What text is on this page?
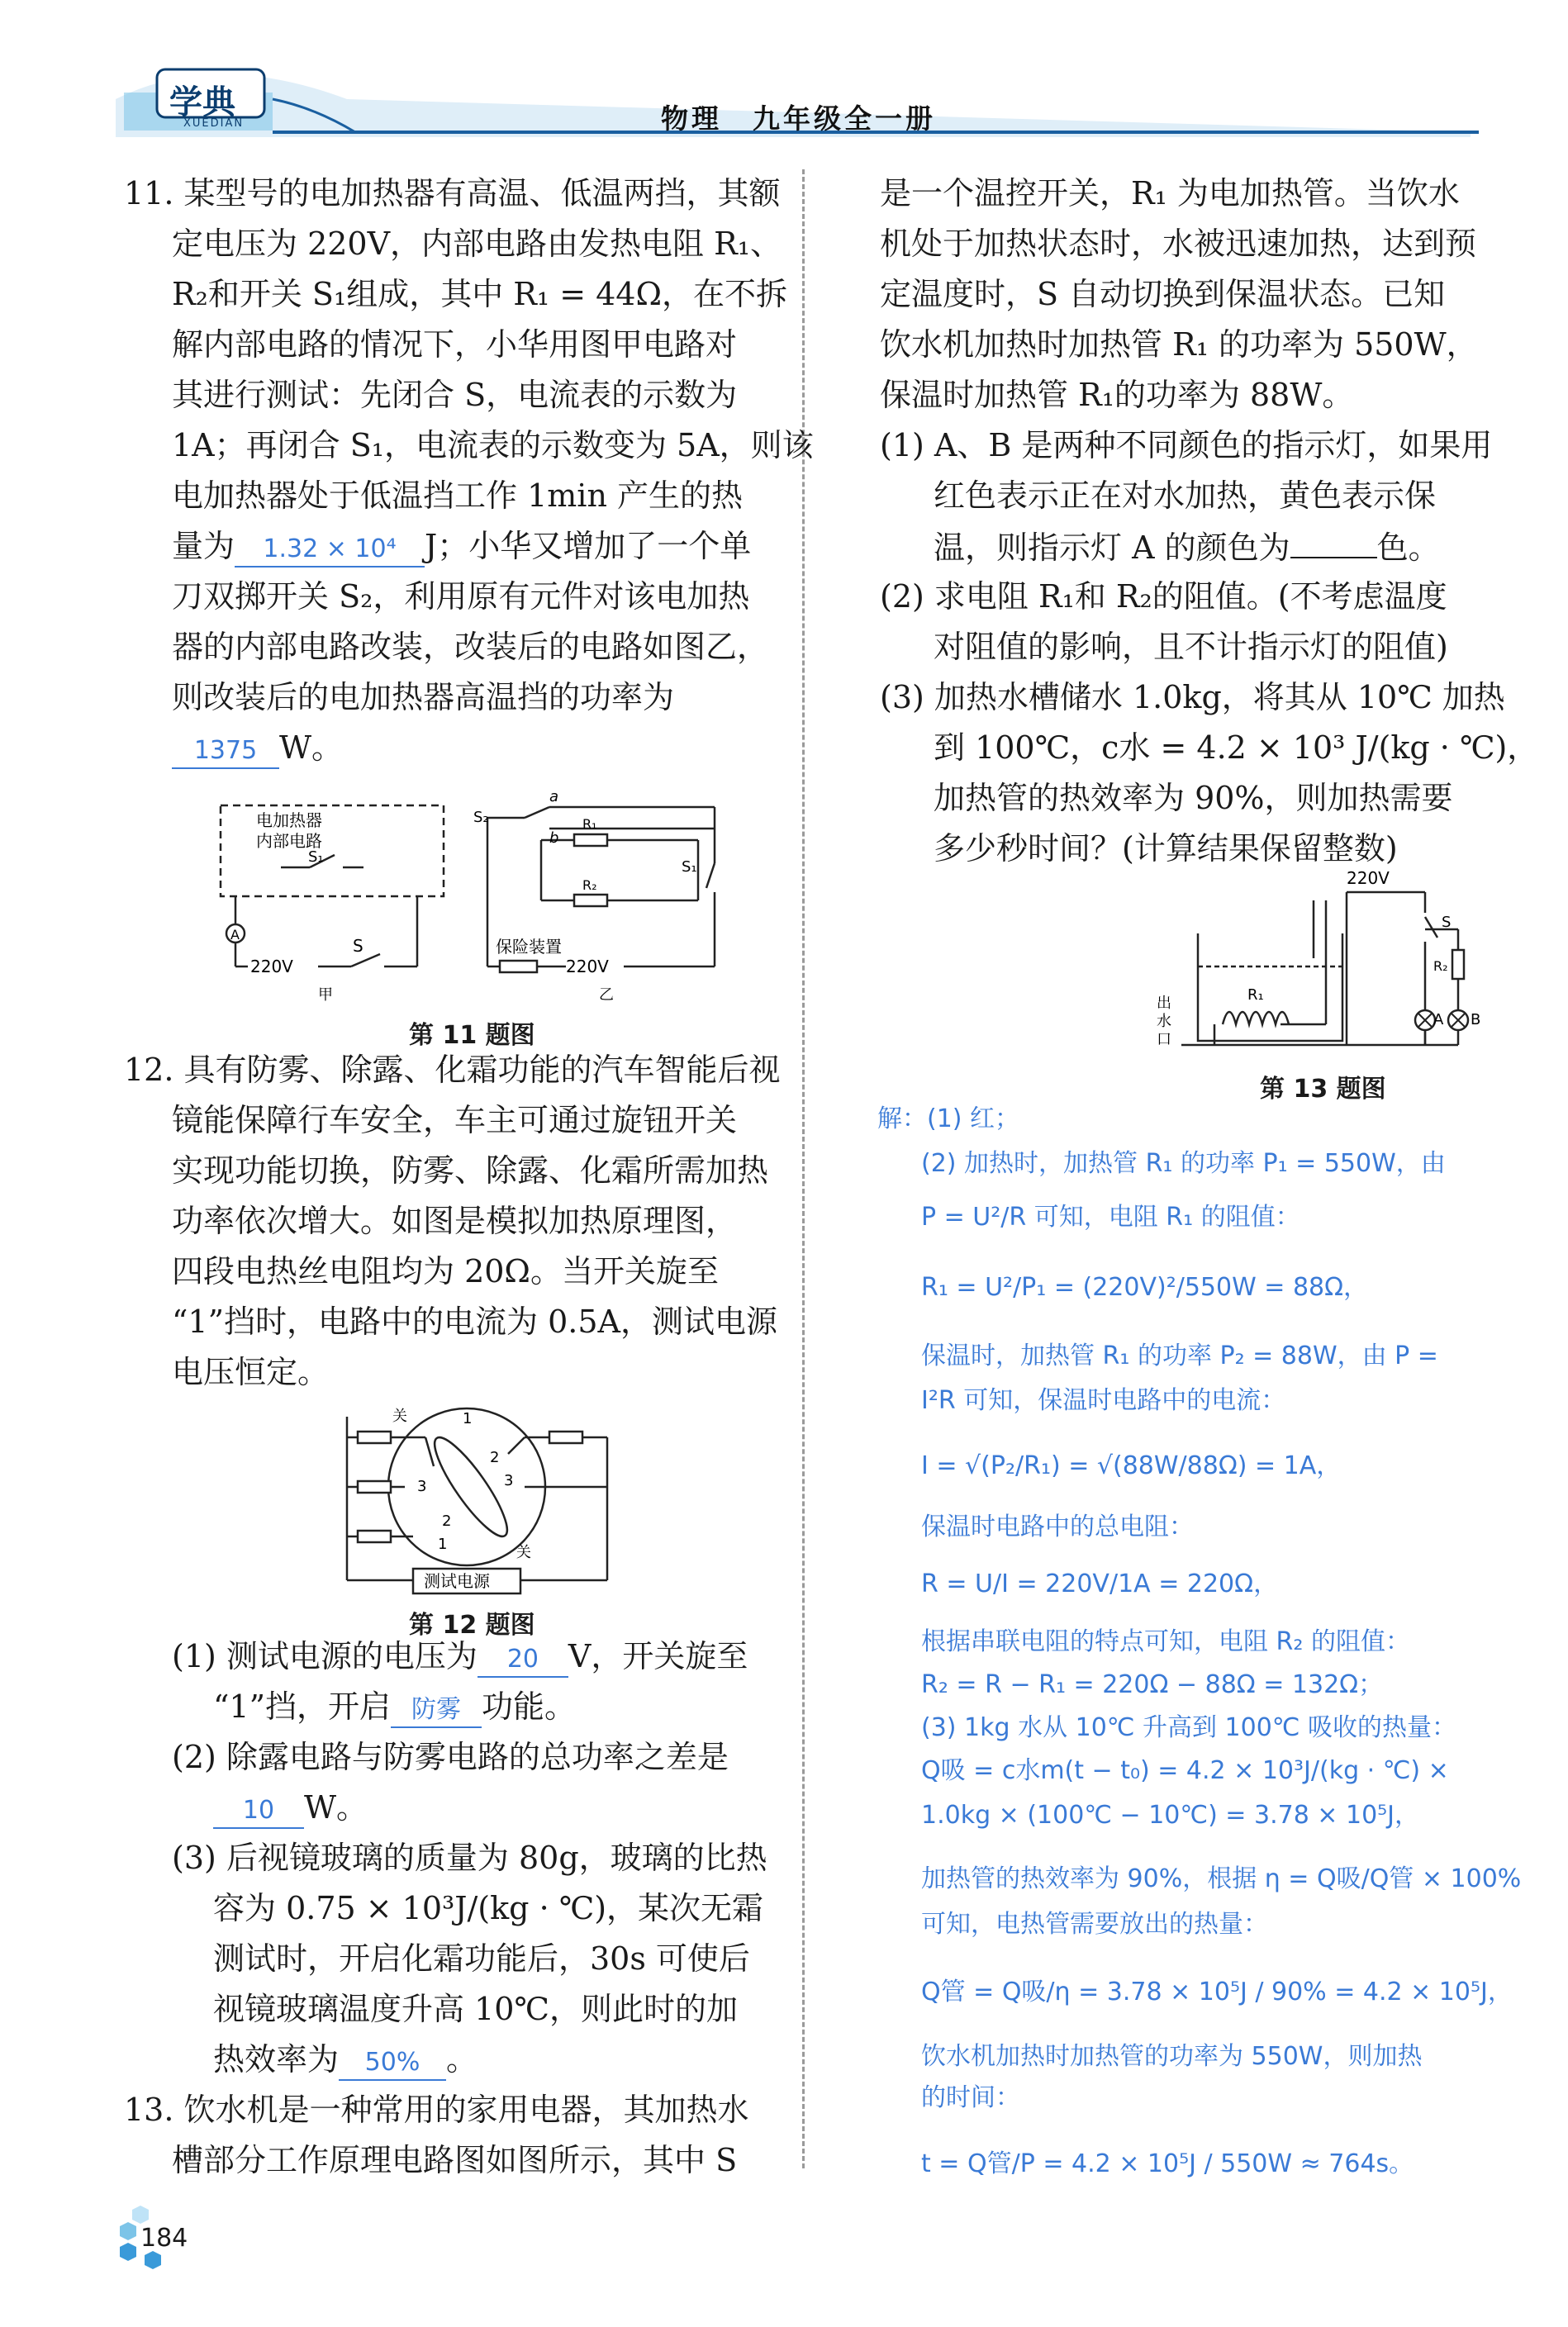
学典
XUEDIAN	物理　九年级全一册
11. 某型号的电加热器有高温、低温两挡，其额
定电压为 220V，内部电路由发热电阻 R₁、
R₂和开关 S₁组成，其中 R₁ = 44Ω，在不拆
解内部电路的情况下，小华用图甲电路对
其进行测试：先闭合 S，电流表的示数为
1A；再闭合 S₁，电流表的示数变为 5A，则该
电加热器处于低温挡工作 1min 产生的热
量为 1.32 × 10⁴ J；小华又增加了一个单
刀双掷开关 S₂，利用原有元件对该电加热
器的内部电路改装，改装后的电路如图乙，
则改装后的电加热器高温挡的功率为
1375 W。
A
电加热器
内部电路
S₁
220V
S
甲
S₂
a
b
R₁
R₂
S₁
保险装置
220V
乙
第 11 题图
12. 具有防雾、除露、化霜功能的汽车智能后视
镜能保障行车安全，车主可通过旋钮开关
实现功能切换，防雾、除露、化霜所需加热
功率依次增大。如图是模拟加热原理图，
四段电热丝电阻均为 20Ω。当开关旋至
“1”挡时，电路中的电流为 0.5A，测试电源
电压恒定。
测试电源
关
关
1
2
3
3
2
1
第 12 题图
(1) 测试电源的电压为 20 V，开关旋至
“1”挡，开启 防雾 功能。
(2) 除露电路与防雾电路的总功率之差是
10 W。
(3) 后视镜玻璃的质量为 80g，玻璃的比热
容为 0.75 × 10³J/(kg · ℃)，某次无霜
测试时，开启化霜功能后，30s 可使后
视镜玻璃温度升高 10℃，则此时的加
热效率为 50% 。
13. 饮水机是一种常用的家用电器，其加热水
槽部分工作原理电路图如图所示，其中 S
是一个温控开关，R₁ 为电加热管。当饮水
机处于加热状态时，水被迅速加热，达到预
定温度时，S 自动切换到保温状态。已知
饮水机加热时加热管 R₁ 的功率为 550W，
保温时加热管 R₁的功率为 88W。
(1) A、B 是两种不同颜色的指示灯，如果用
红色表示正在对水加热，黄色表示保
温，则指示灯 A 的颜色为	色。
(2) 求电阻 R₁和 R₂的阻值。(不考虑温度
对阻值的影响，且不计指示灯的阻值)
(3) 加热水槽储水 1.0kg，将其从 10℃ 加热
到 100℃，c水 = 4.2 × 10³ J/(kg · ℃)，
加热管的热效率为 90%，则加热需要
多少秒时间？(计算结果保留整数)
220V
S
R₂
R₁
A B
出
水
口
第 13 题图
解：(1) 红；
(2) 加热时，加热管 R₁ 的功率 P₁ = 550W，由
P = U²/R 可知，电阻 R₁ 的阻值：
R₁ = U²/P₁ = (220V)²/550W = 88Ω，
保温时，加热管 R₁ 的功率 P₂ = 88W，由 P =
I²R 可知，保温时电路中的电流：
I = √(P₂/R₁) = √(88W/88Ω) = 1A，
保温时电路中的总电阻：
R = U/I = 220V/1A = 220Ω，
根据串联电阻的特点可知，电阻 R₂ 的阻值：
R₂ = R − R₁ = 220Ω − 88Ω = 132Ω；
(3) 1kg 水从 10℃ 升高到 100℃ 吸收的热量：
Q吸 = c水m(t − t₀) = 4.2 × 10³J/(kg · ℃) ×
1.0kg × (100℃ − 10℃) = 3.78 × 10⁵J，
加热管的热效率为 90%，根据 η = Q吸/Q管 × 100%
可知，电热管需要放出的热量：
Q管 = Q吸/η = 3.78 × 10⁵J / 90% = 4.2 × 10⁵J，
饮水机加热时加热管的功率为 550W，则加热
的时间：
t = Q管/P = 4.2 × 10⁵J / 550W ≈ 764s。
184
